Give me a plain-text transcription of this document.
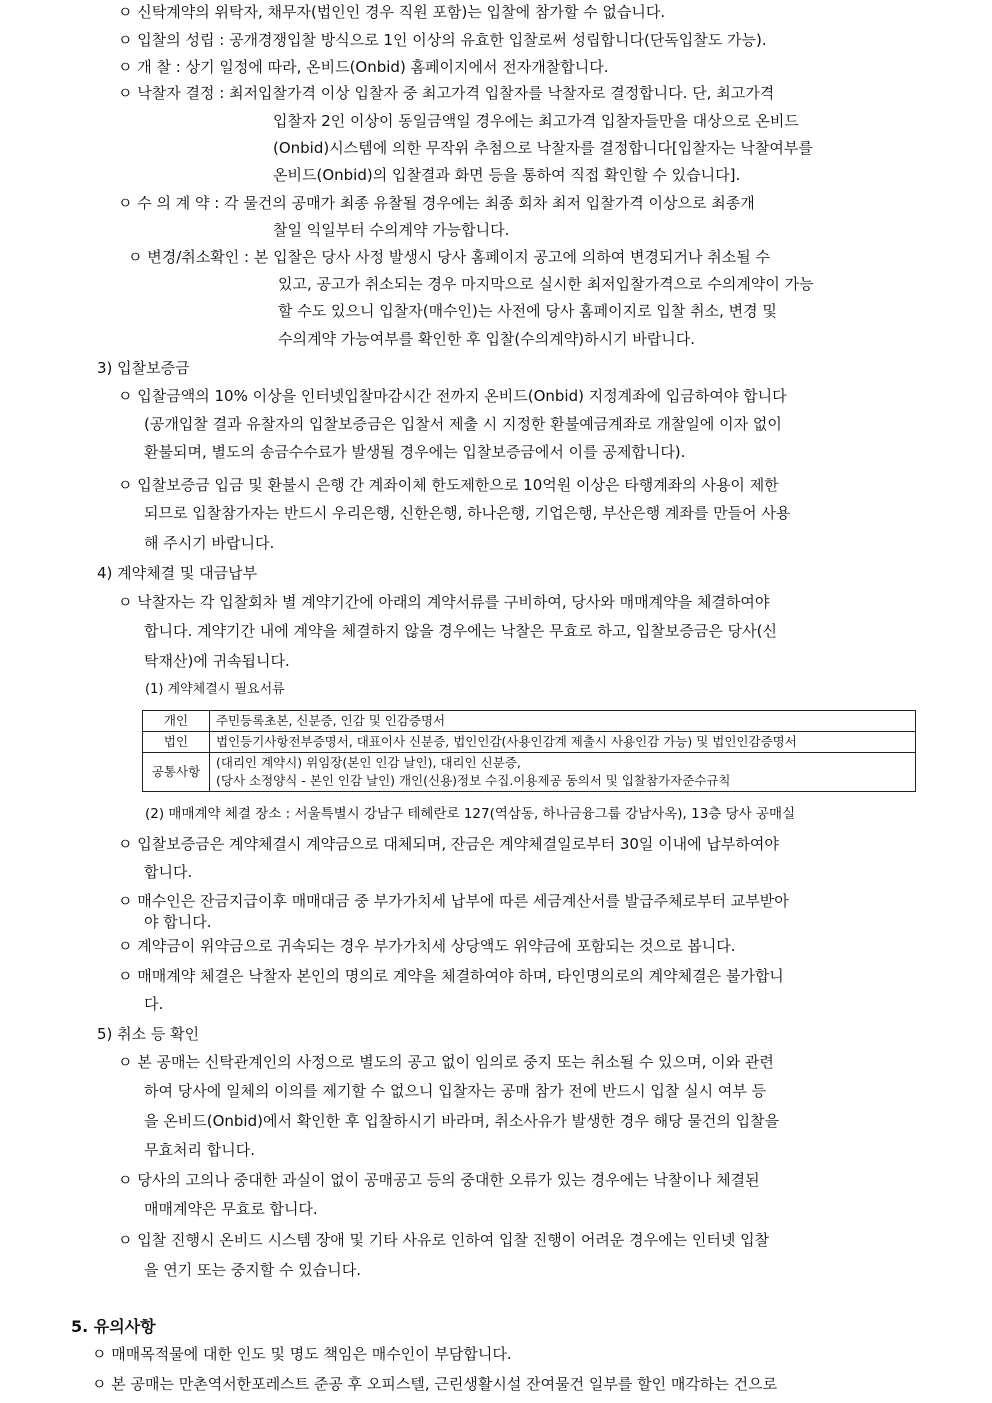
ㅇ 신탁계약의 위탁자, 채무자(법인인 경우 직원 포함)는 입찰에 참가할 수 없습니다.
ㅇ 입찰의 성립 : 공개경쟁입찰 방식으로 1인 이상의 유효한 입찰로써 성립합니다(단독입찰도 가능).
ㅇ 개 찰 : 상기 일정에 따라, 온비드(Onbid) 홈페이지에서 전자개찰합니다.
ㅇ 낙찰자 결정 : 최저입찰가격 이상 입찰자 중 최고가격 입찰자를 낙찰자로 결정합니다. 단, 최고가격
입찰자 2인 이상이 동일금액일 경우에는 최고가격 입찰자들만을 대상으로 온비드
(Onbid)시스템에 의한 무작위 추첨으로 낙찰자를 결정합니다[입찰자는 낙찰여부를
온비드(Onbid)의 입찰결과 화면 등을 통하여 직접 확인할 수 있습니다].
ㅇ 수 의 계 약 : 각 물건의 공매가 최종 유찰될 경우에는 최종 회차 최저 입찰가격 이상으로 최종개
찰일 익일부터 수의계약 가능합니다.
ㅇ 변경/취소확인 : 본 입찰은 당사 사정 발생시 당사 홈페이지 공고에 의하여 변경되거나 취소될 수
있고, 공고가 취소되는 경우 마지막으로 실시한 최저입찰가격으로 수의계약이 가능
할 수도 있으니 입찰자(매수인)는 사전에 당사 홈페이지로 입찰 취소, 변경 및
수의계약 가능여부를 확인한 후 입찰(수의계약)하시기 바랍니다.
3) 입찰보증금
ㅇ 입찰금액의 10% 이상을 인터넷입찰마감시간 전까지 온비드(Onbid) 지정계좌에 입금하여야 합니다
(공개입찰 결과 유찰자의 입찰보증금은 입찰서 제출 시 지정한 환불예금계좌로 개찰일에 이자 없이
환불되며, 별도의 송금수수료가 발생될 경우에는 입찰보증금에서 이를 공제합니다).
ㅇ 입찰보증금 입금 및 환불시 은행 간 계좌이체 한도제한으로 10억원 이상은 타행계좌의 사용이 제한
되므로 입찰참가자는 반드시 우리은행, 신한은행, 하나은행, 기업은행, 부산은행 계좌를 만들어 사용
해 주시기 바랍니다.
4) 계약체결 및 대금납부
ㅇ 낙찰자는 각 입찰회차 별 계약기간에 아래의 계약서류를 구비하여, 당사와 매매계약을 체결하여야
합니다. 계약기간 내에 계약을 체결하지 않을 경우에는 낙찰은 무효로 하고, 입찰보증금은 당사(신
탁재산)에 귀속됩니다.
(1) 계약체결시 필요서류
개인	주민등록초본, 신분증, 인감 및 인감증명서
법인	법인등기사항전부증명서, 대표이사 신분증, 법인인감(사용인감계 제출시 사용인감 가능) 및 법인인감증명서
공통사항	(대리인 계약시) 위임장(본인 인감 날인), 대리인 신분증,
(당사 소정양식 - 본인 인감 날인) 개인(신용)정보 수집.이용제공 동의서 및 입찰참가자준수규칙
(2) 매매계약 체결 장소 : 서울특별시 강남구 테헤란로 127(역삼동, 하나금융그룹 강남사옥), 13층 당사 공매실
ㅇ 입찰보증금은 계약체결시 계약금으로 대체되며, 잔금은 계약체결일로부터 30일 이내에 납부하여야
합니다.
ㅇ 매수인은 잔금지급이후 매매대금 중 부가가치세 납부에 따른 세금계산서를 발급주체로부터 교부받아
야 합니다.
ㅇ 계약금이 위약금으로 귀속되는 경우 부가가치세 상당액도 위약금에 포함되는 것으로 봅니다.
ㅇ 매매계약 체결은 낙찰자 본인의 명의로 계약을 체결하여야 하며, 타인명의로의 계약체결은 불가합니
다.
5) 취소 등 확인
ㅇ 본 공매는 신탁관계인의 사정으로 별도의 공고 없이 임의로 중지 또는 취소될 수 있으며, 이와 관련
하여 당사에 일체의 이의를 제기할 수 없으니 입찰자는 공매 참가 전에 반드시 입찰 실시 여부 등
을 온비드(Onbid)에서 확인한 후 입찰하시기 바라며, 취소사유가 발생한 경우 해당 물건의 입찰을
무효처리 합니다.
ㅇ 당사의 고의나 중대한 과실이 없이 공매공고 등의 중대한 오류가 있는 경우에는 낙찰이나 체결된
매매계약은 무효로 합니다.
ㅇ 입찰 진행시 온비드 시스템 장애 및 기타 사유로 인하여 입찰 진행이 어려운 경우에는 인터넷 입찰
을 연기 또는 중지할 수 있습니다.
5. 유의사항
ㅇ 매매목적물에 대한 인도 및 명도 책임은 매수인이 부담합니다.
ㅇ 본 공매는 만촌역서한포레스트 준공 후 오피스텔, 근린생활시설 잔여물건 일부를 할인 매각하는 건으로
